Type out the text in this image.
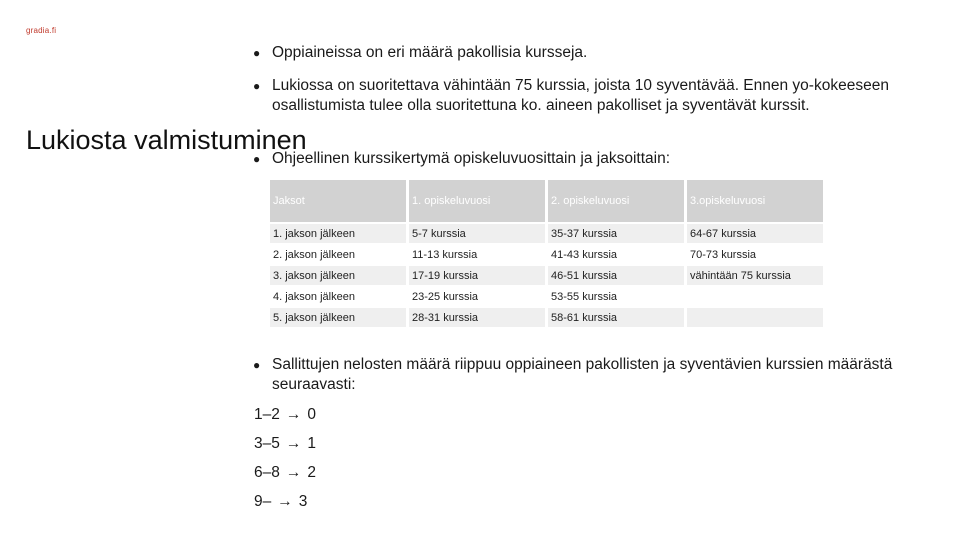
gradia.fi
Lukiosta valmistuminen
● Oppiaineissa on eri määrä pakollisia kursseja.
● Lukiossa on suoritettava vähintään 75 kurssia, joista 10 syventävää. Ennen yo-kokeeseen osallistumista tulee olla suoritettuna ko. aineen pakolliset ja syventävät kurssit.
● Ohjeellinen kurssikertymä opiskeluvuosittain ja jaksoittain:
Jaksot	1. opiskeluvuosi	2. opiskeluvuosi	3.opiskeluvuosi
1. jakson jälkeen	5-7 kurssia	35-37 kurssia	64-67 kurssia
2. jakson jälkeen	11-13 kurssia	41-43 kurssia	70-73 kurssia
3. jakson jälkeen	17-19 kurssia	46-51 kurssia	vähintään 75 kurssia
4. jakson jälkeen	23-25 kurssia	53-55 kurssia	
5. jakson jälkeen	28-31 kurssia	58-61 kurssia	
● Sallittujen nelosten määrä riippuu oppiaineen pakollisten ja syventävien kurssien määrästä seuraavasti:
1–2 → 0
3–5 → 1
6–8 → 2
9– → 3
